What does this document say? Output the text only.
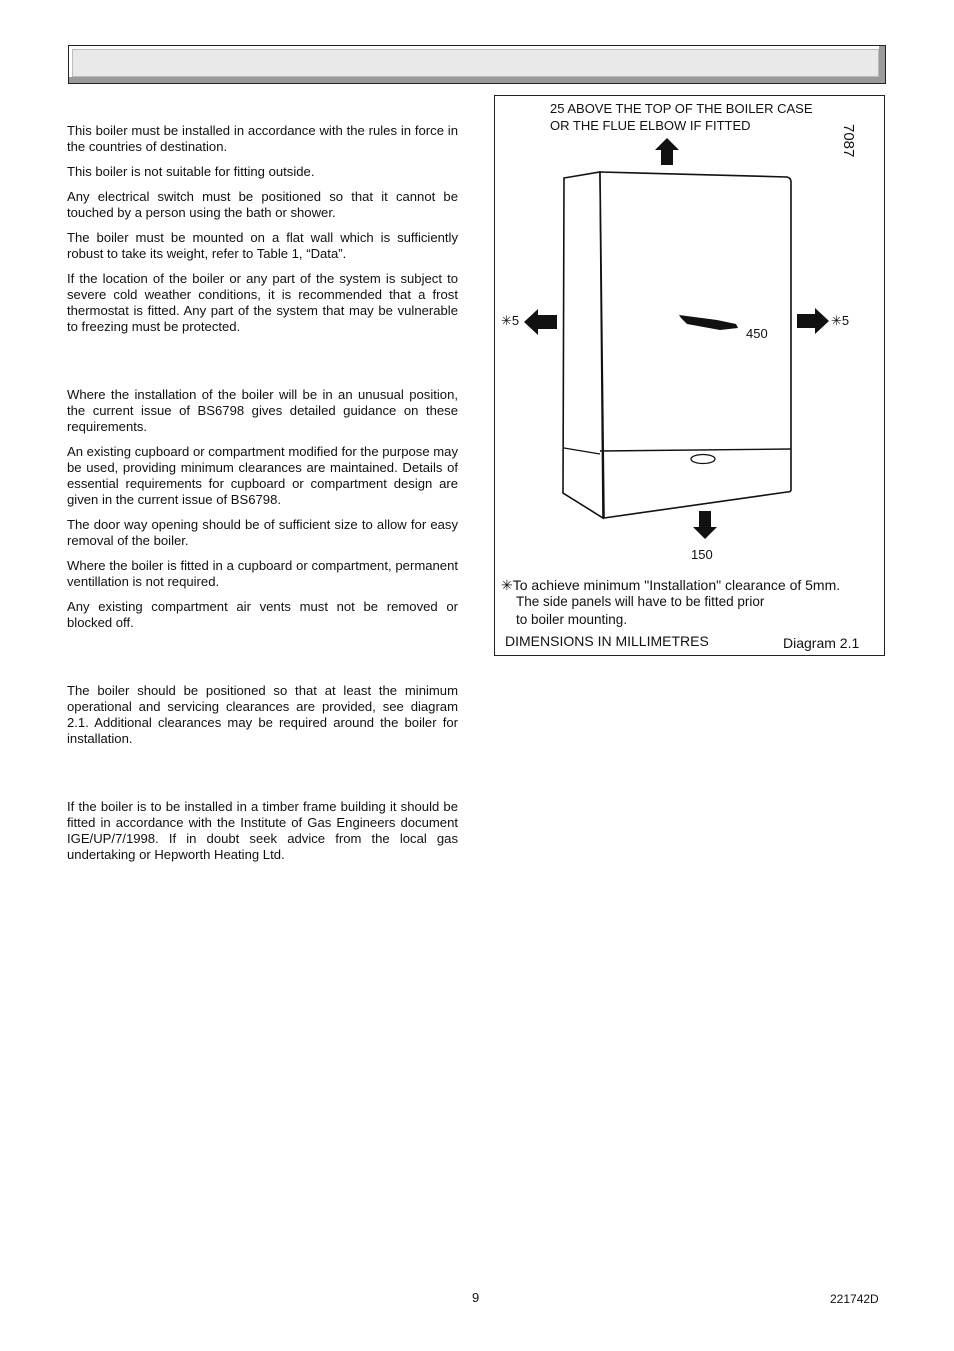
This boiler must be installed in accordance with the rules in force in the countries of destination.

This boiler is not suitable for fitting outside.

Any electrical switch must be positioned so that it cannot be touched by a person using the bath or shower.

The boiler must be mounted on a flat wall which is sufficiently robust to take its weight, refer to Table 1, “Data”.

If the location of the boiler or any part of the system is subject to severe cold weather conditions, it is recommended that a frost thermostat is fitted. Any part of the system that may be vulnerable to freezing must be protected.

Where the installation of the boiler will be in an unusual position, the current issue of BS6798 gives detailed guidance on these requirements.

An existing cupboard or compartment modified for the purpose may be used, providing minimum clearances are maintained. Details of essential requirements for cupboard or compartment design are given in the current issue of BS6798.

The door way opening should be of sufficient size to allow for easy removal of the boiler.

Where the boiler is fitted in a cupboard or compartment, permanent ventillation is not required.

Any existing compartment air vents must not be removed or blocked off.

The boiler should be positioned so that at least the minimum operational and servicing clearances are provided, see diagram 2.1. Additional clearances may be required around the boiler for installation.

If the boiler is to be installed in a timber frame building it should be fitted in accordance with the Institute of Gas Engineers document IGE/UP/7/1998. If in doubt seek advice from the local gas undertaking or Hepworth Heating Ltd.

25 ABOVE THE TOP OF THE BOILER CASE
OR THE FLUE ELBOW IF FITTED	7087
✳5	✳5
450
150
✳To achieve minimum "Installation" clearance of 5mm.
The side panels will have to be fitted prior
to boiler mounting.
DIMENSIONS IN MILLIMETRES	Diagram 2.1
9	221742D
